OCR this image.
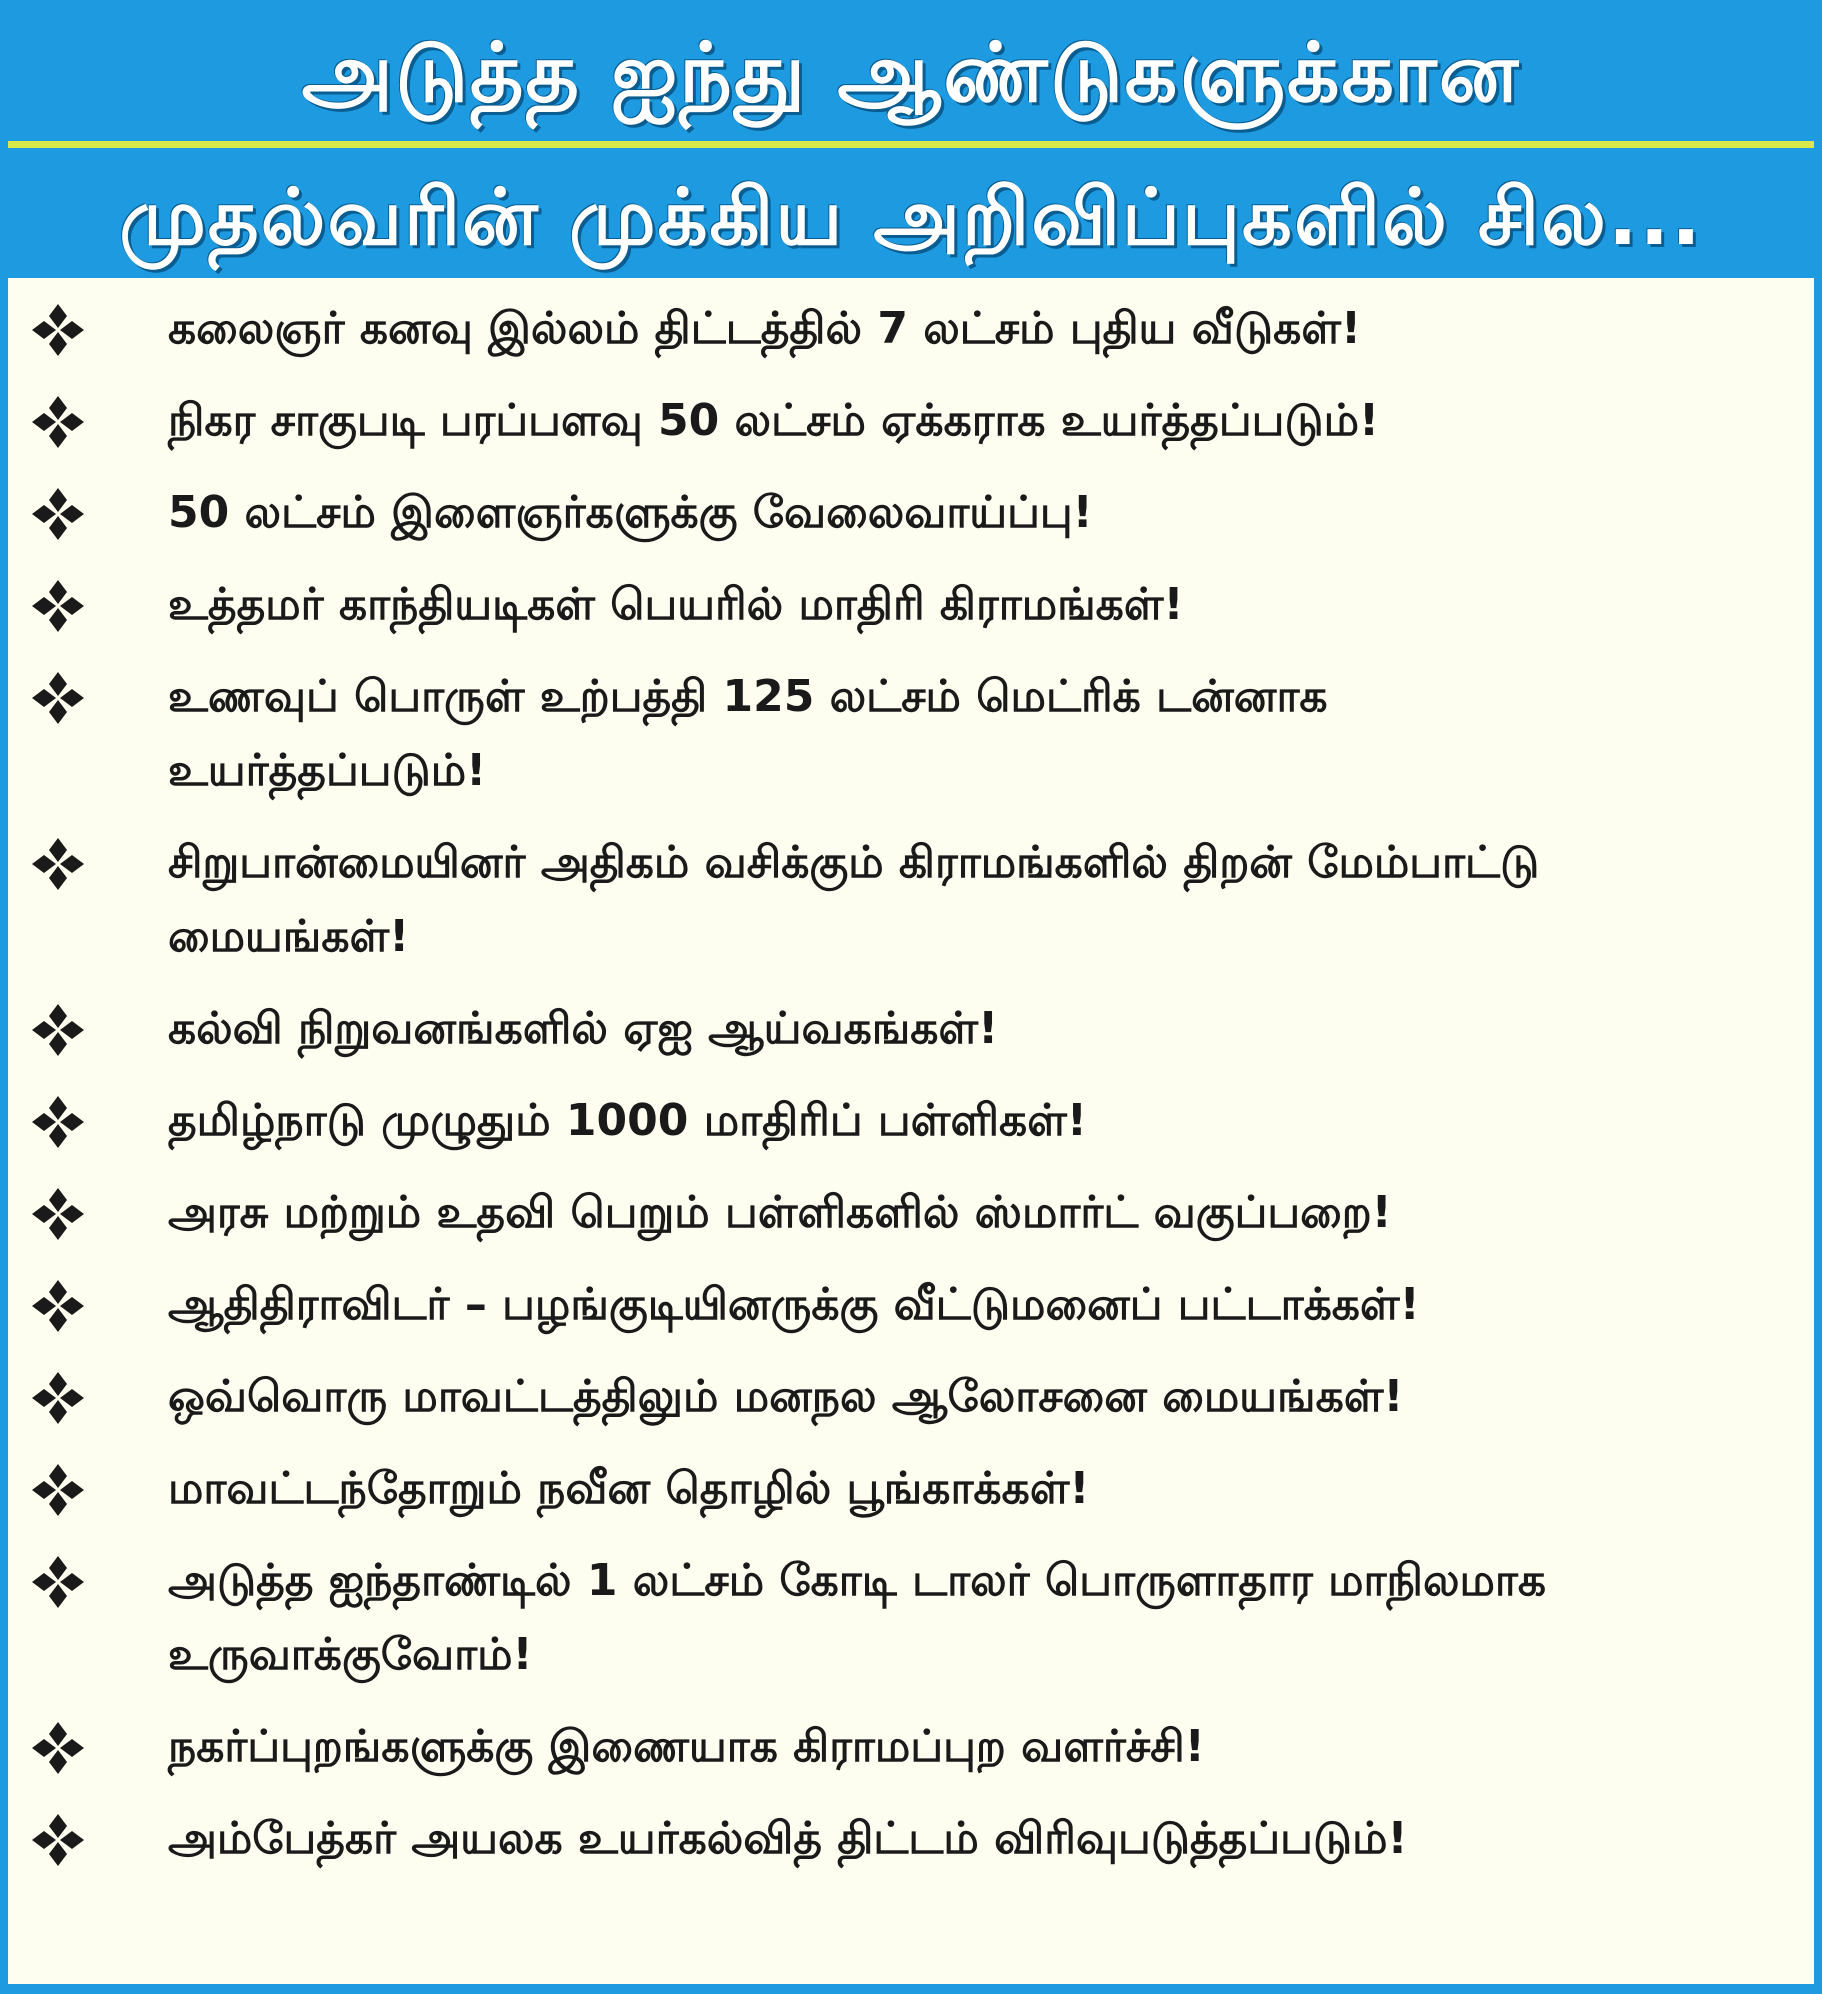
அடுத்த ஐந்து ஆண்டுகளுக்கான
முதல்வரின் முக்கிய அறிவிப்புகளில் சில...
கலைஞர் கனவு இல்லம் திட்டத்தில் 7 லட்சம் புதிய வீடுகள்!
நிகர சாகுபடி பரப்பளவு 50 லட்சம் ஏக்கராக உயர்த்தப்படும்!
50 லட்சம் இளைஞர்களுக்கு வேலைவாய்ப்பு!
உத்தமர் காந்தியடிகள் பெயரில் மாதிரி கிராமங்கள்!
உணவுப் பொருள் உற்பத்தி 125 லட்சம் மெட்ரிக் டன்னாக உயர்த்தப்படும்!
சிறுபான்மையினர் அதிகம் வசிக்கும் கிராமங்களில் திறன் மேம்பாட்டு மையங்கள்!
கல்வி நிறுவனங்களில் ஏஐ ஆய்வகங்கள்!
தமிழ்நாடு முழுதும் 1000 மாதிரிப் பள்ளிகள்!
அரசு மற்றும் உதவி பெறும் பள்ளிகளில் ஸ்மார்ட் வகுப்பறை!
ஆதிதிராவிடர் – பழங்குடியினருக்கு வீட்டுமனைப் பட்டாக்கள்!
ஒவ்வொரு மாவட்டத்திலும் மனநல ஆலோசனை மையங்கள்!
மாவட்டந்தோறும் நவீன தொழில் பூங்காக்கள்!
அடுத்த ஐந்தாண்டில் 1 லட்சம் கோடி டாலர் பொருளாதார மாநிலமாக உருவாக்குவோம்!
நகர்ப்புறங்களுக்கு இணையாக கிராமப்புற வளர்ச்சி!
அம்பேத்கர் அயலக உயர்கல்வித் திட்டம் விரிவுபடுத்தப்படும்!
